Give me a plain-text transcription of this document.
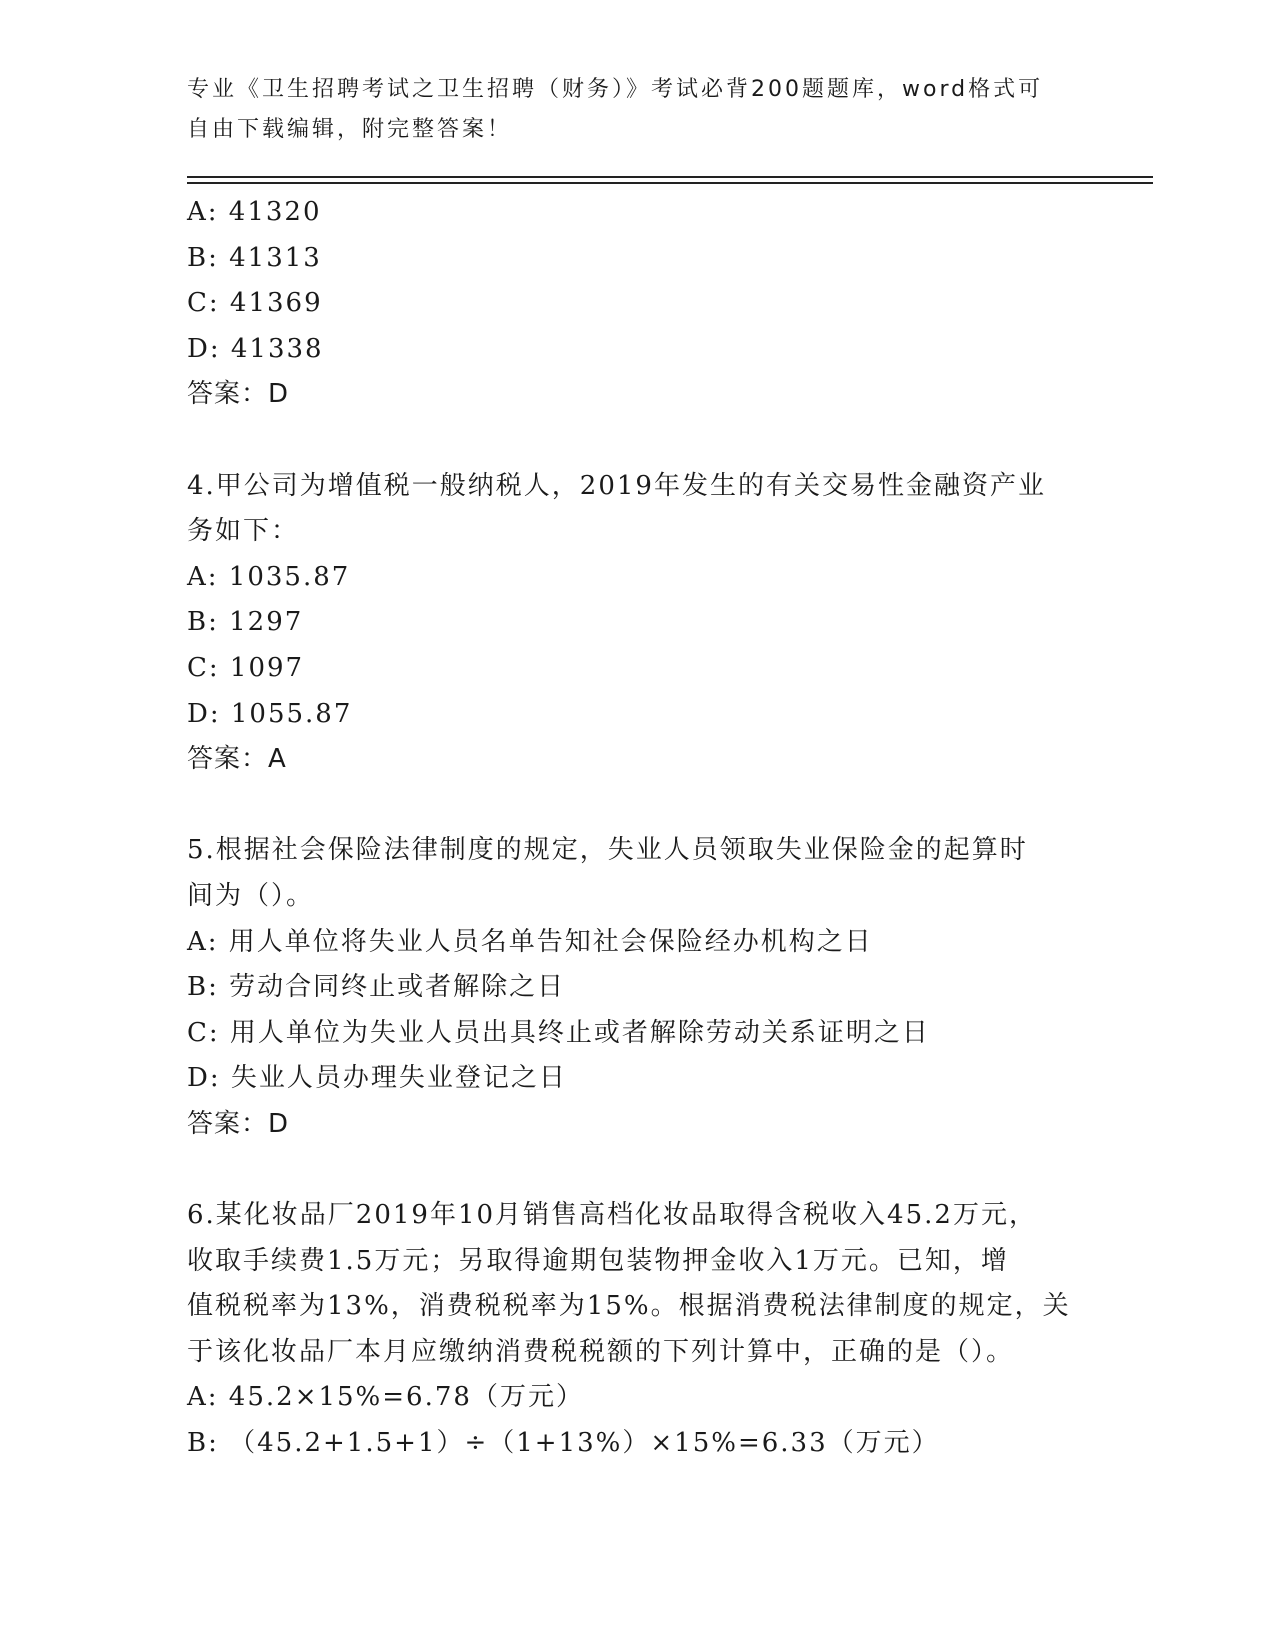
专业《卫生招聘考试之卫生招聘（财务）》考试必背200题题库，word格式可自由下载编辑，附完整答案！
A: 41320
B: 41313
C: 41369
D: 41338
答案：D
4.甲公司为增值税一般纳税人，2019年发生的有关交易性金融资产业
务如下：
A: 1035.87
B: 1297
C: 1097
D: 1055.87
答案：A
5.根据社会保险法律制度的规定，失业人员领取失业保险金的起算时
间为（）。
A: 用人单位将失业人员名单告知社会保险经办机构之日
B: 劳动合同终止或者解除之日
C: 用人单位为失业人员出具终止或者解除劳动关系证明之日
D: 失业人员办理失业登记之日
答案：D
6.某化妆品厂2019年10月销售高档化妆品取得含税收入45.2万元，
收取手续费1.5万元；另取得逾期包装物押金收入1万元。已知，增
值税税率为13%，消费税税率为15%。根据消费税法律制度的规定，关
于该化妆品厂本月应缴纳消费税税额的下列计算中，正确的是（）。
A: 45.2×15%=6.78（万元）
B: （45.2+1.5+1）÷（1+13%）×15%=6.33（万元）
